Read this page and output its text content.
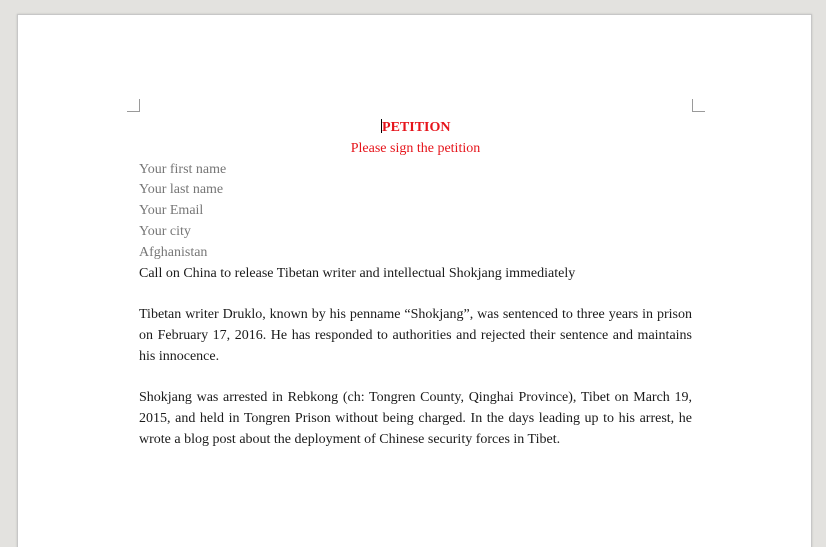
PETITION
Please sign the petition
Your first name
Your last name
Your Email
Your city
Afghanistan
Call on China to release Tibetan writer and intellectual Shokjang immediately

Tibetan writer Druklo, known by his penname “Shokjang”, was sentenced to three years in prison on February 17, 2016. He has responded to authorities and rejected their sentence and maintains his innocence.

Shokjang was arrested in Rebkong (ch: Tongren County, Qinghai Province), Tibet on March 19, 2015, and held in Tongren Prison without being charged. In the days leading up to his arrest, he wrote a blog post about the deployment of Chinese security forces in Tibet.
